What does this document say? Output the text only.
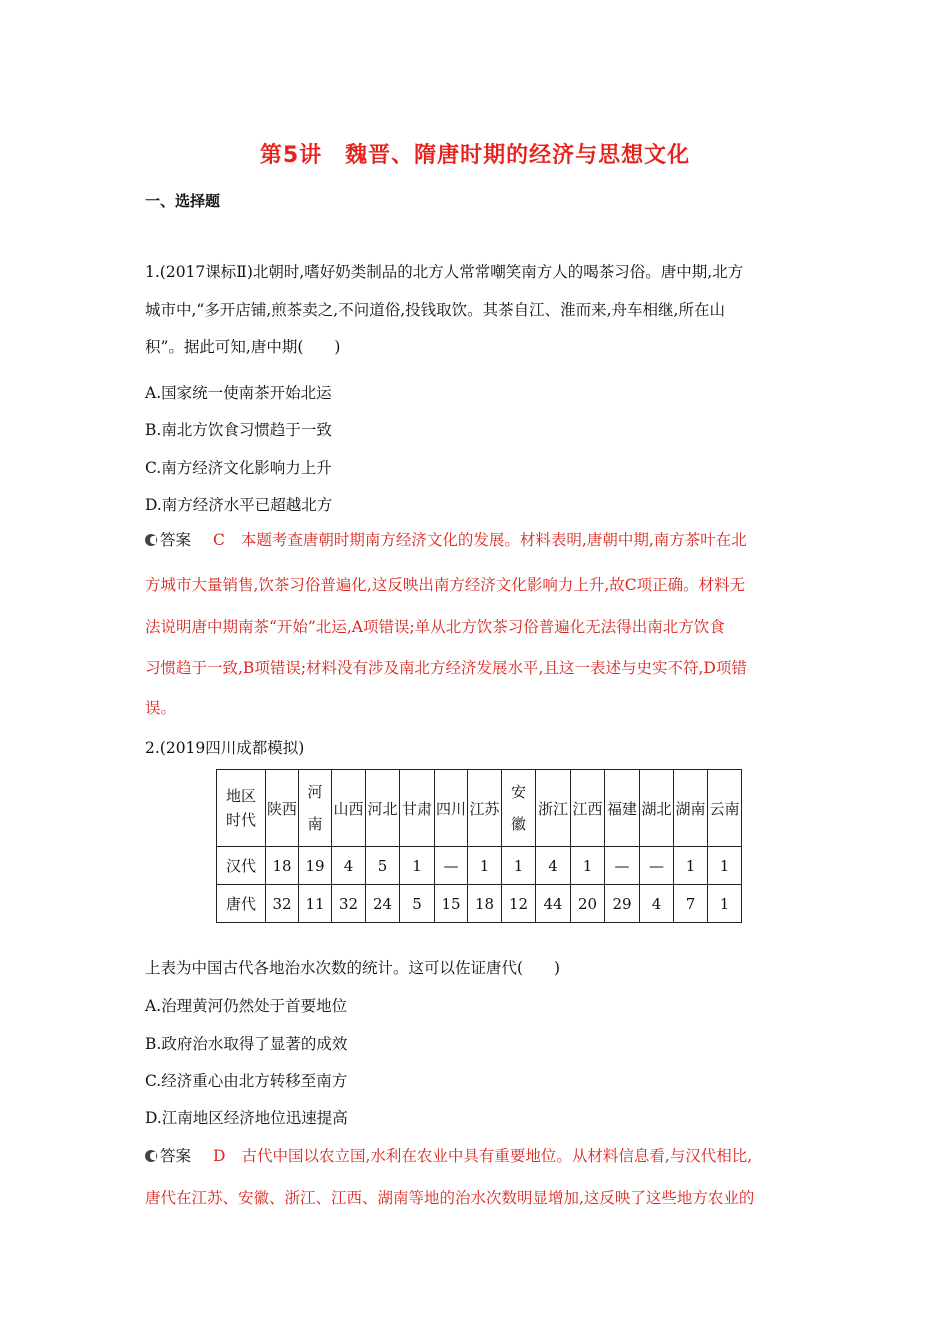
第5讲　魏晋、隋唐时期的经济与思想文化
一、选择题
1.(2017课标Ⅱ)北朝时,嗜好奶类制品的北方人常常嘲笑南方人的喝茶习俗。唐中期,北方
城市中,“多开店铺,煎茶卖之,不问道俗,投钱取饮。其茶自江、淮而来,舟车相继,所在山
积”。据此可知,唐中期(　　)
A.国家统一使南茶开始北运
B.南北方饮食习惯趋于一致
C.南方经济文化影响力上升
D.南方经济水平已超越北方
答案 C 本题考查唐朝时期南方经济文化的发展。材料表明,唐朝中期,南方茶叶在北
方城市大量销售,饮茶习俗普遍化,这反映出南方经济文化影响力上升,故C项正确。材料无
法说明唐中期南茶“开始”北运,A项错误;单从北方饮茶习俗普遍化无法得出南北方饮食
习惯趋于一致,B项错误;材料没有涉及南北方经济发展水平,且这一表述与史实不符,D项错
误。
2.(2019四川成都模拟)
地区
时代	陕西	河南	山西	河北	甘肃	四川	江苏	安徽	浙江	江西	福建	湖北	湖南	云南
汉代	18	19	4	5	1	—	1	1	4	1	—	—	1	1
唐代	32	11	32	24	5	15	18	12	44	20	29	4	7	1
上表为中国古代各地治水次数的统计。这可以佐证唐代(　　)
A.治理黄河仍然处于首要地位
B.政府治水取得了显著的成效
C.经济重心由北方转移至南方
D.江南地区经济地位迅速提高
答案 D 古代中国以农立国,水利在农业中具有重要地位。从材料信息看,与汉代相比,
唐代在江苏、安徽、浙江、江西、湖南等地的治水次数明显增加,这反映了这些地方农业的
